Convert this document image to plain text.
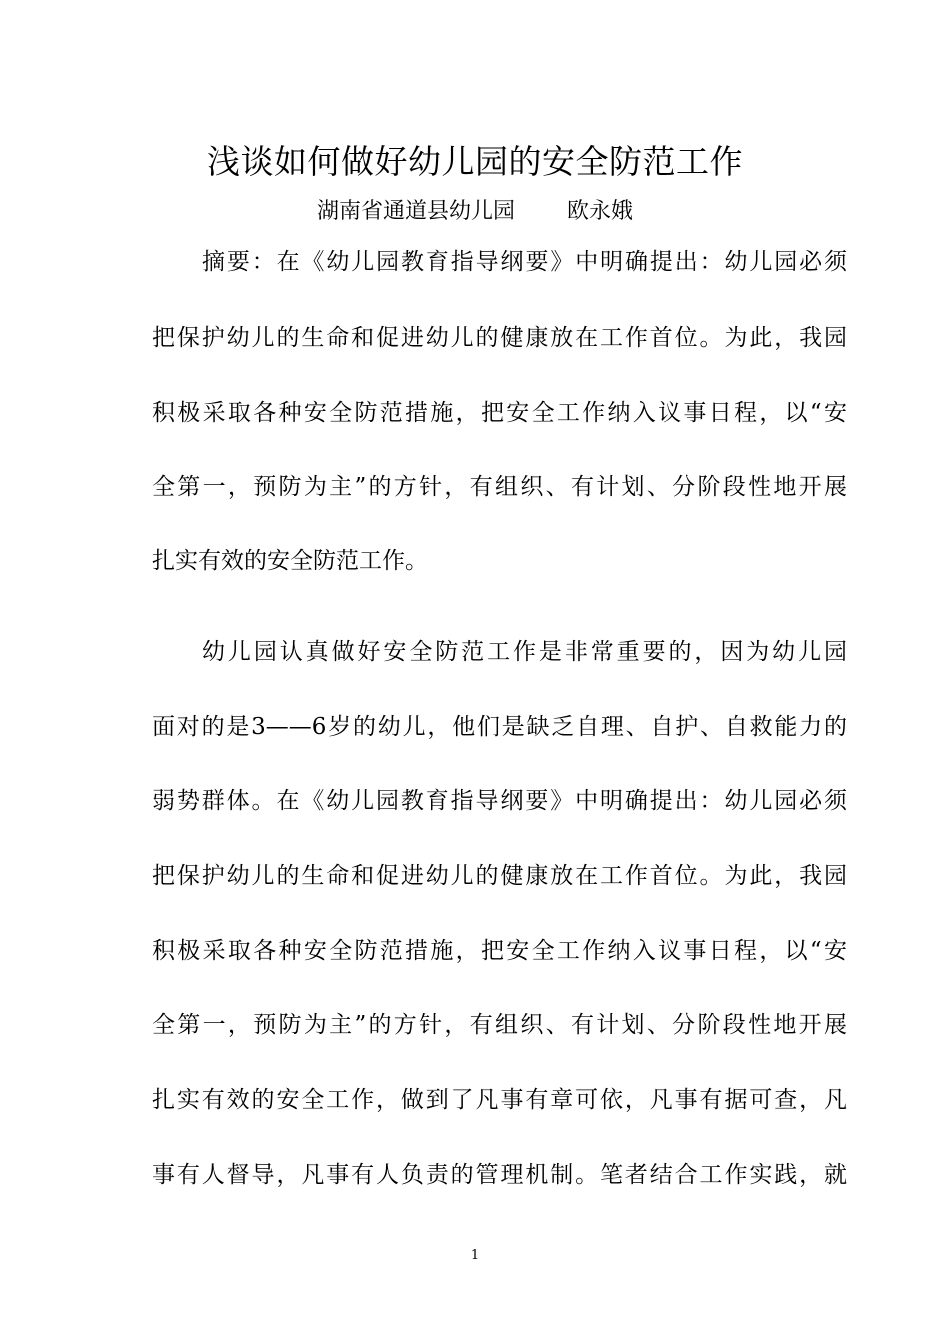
浅谈如何做好幼儿园的安全防范工作
湖南省通道县幼儿园 欧永娥
摘要：在《幼儿园教育指导纲要》中明确提出：幼儿园必须
把保护幼儿的生命和促进幼儿的健康放在工作首位。为此，我园
积极采取各种安全防范措施，把安全工作纳入议事日程，以“安
全第一，预防为主”的方针，有组织、有计划、分阶段性地开展
扎实有效的安全防范工作。
幼儿园认真做好安全防范工作是非常重要的，因为幼儿园
面对的是3——6岁的幼儿，他们是缺乏自理、自护、自救能力的
弱势群体。在《幼儿园教育指导纲要》中明确提出：幼儿园必须
把保护幼儿的生命和促进幼儿的健康放在工作首位。为此，我园
积极采取各种安全防范措施，把安全工作纳入议事日程，以“安
全第一，预防为主”的方针，有组织、有计划、分阶段性地开展
扎实有效的安全工作，做到了凡事有章可依，凡事有据可查，凡
事有人督导，凡事有人负责的管理机制。笔者结合工作实践，就
1
